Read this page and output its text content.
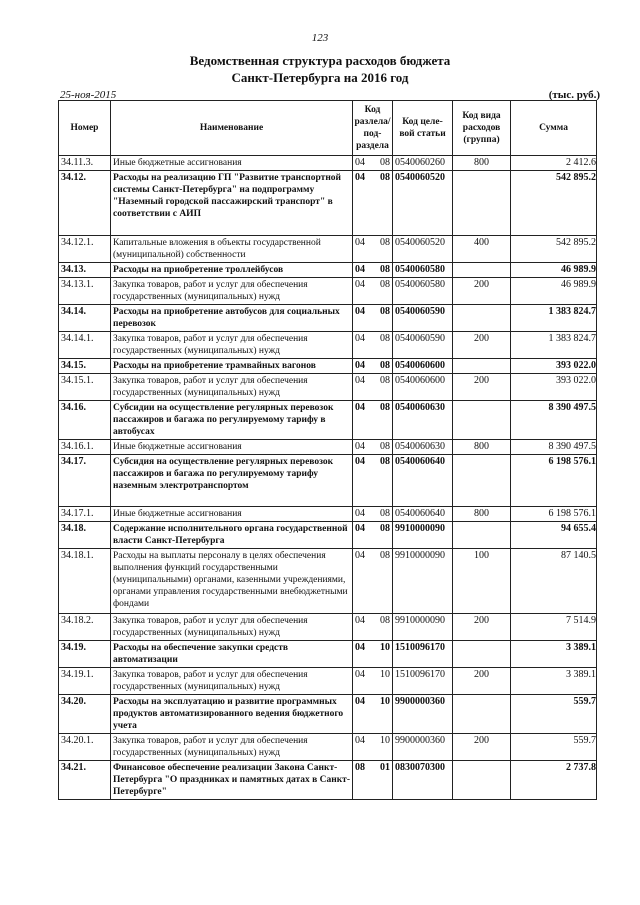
123
Ведомственная структура расходов бюджета
Санкт-Петербурга на 2016 год
25-ноя-2015	(тыс. руб.)
Номер	Наименование	Код разлела/ под- раздела		Код целе- вой статьи	Код вида расходов (группа)	Сумма
34.11.3.	Иные бюджетные ассигнования	04	08	0540060260	800	2 412.6
34.12.	Расходы на реализацию ГП "Развитие транспортной системы Санкт-Петербурга" на подпрограмму "Наземный городской пассажирский транспорт" в соответствии с АИП	04	08	0540060520		542 895.2
34.12.1.	Капитальные вложения в объекты государственной (муниципальной) собственности	04	08	0540060520	400	542 895.2
34.13.	Расходы на приобретение троллейбусов	04	08	0540060580		46 989.9
34.13.1.	Закупка товаров, работ и услуг для обеспечения государственных (муниципальных) нужд	04	08	0540060580	200	46 989.9
34.14.	Расходы на приобретение автобусов для социальных перевозок	04	08	0540060590		1 383 824.7
34.14.1.	Закупка товаров, работ и услуг для обеспечения государственных (муниципальных) нужд	04	08	0540060590	200	1 383 824.7
34.15.	Расходы на приобретение трамвайных вагонов	04	08	0540060600		393 022.0
34.15.1.	Закупка товаров, работ и услуг для обеспечения государственных (муниципальных) нужд	04	08	0540060600	200	393 022.0
34.16.	Субсидии на осуществление регулярных перевозок пассажиров и багажа по регулируемому тарифу в автобусах	04	08	0540060630		8 390 497.5
34.16.1.	Иные бюджетные ассигнования	04	08	0540060630	800	8 390 497.5
34.17.	Субсидия на осуществление регулярных перевозок пассажиров и багажа по регулируемому тарифу наземным электротранспортом	04	08	0540060640		6 198 576.1
34.17.1.	Иные бюджетные ассигнования	04	08	0540060640	800	6 198 576.1
34.18.	Содержание исполнительного органа государственной власти Санкт-Петербурга	04	08	9910000090		94 655.4
34.18.1.	Расходы на выплаты персоналу в целях обеспечения выполнения функций государственными (муниципальными) органами, казенными учреждениями, органами управления государственными внебюджетными фондами	04	08	9910000090	100	87 140.5
34.18.2.	Закупка товаров, работ и услуг для обеспечения государственных (муниципальных) нужд	04	08	9910000090	200	7 514.9
34.19.	Расходы на обеспечение закупки средств автоматизации	04	10	1510096170		3 389.1
34.19.1.	Закупка товаров, работ и услуг для обеспечения государственных (муниципальных) нужд	04	10	1510096170	200	3 389.1
34.20.	Расходы на эксплуатацию и развитие программных продуктов автоматизированного ведения бюджетного учета	04	10	9900000360		559.7
34.20.1.	Закупка товаров, работ и услуг для обеспечения государственных (муниципальных) нужд	04	10	9900000360	200	559.7
34.21.	Финансовое обеспечение реализации Закона Санкт-Петербурга "О праздниках и памятных датах в Санкт-Петербурге"	08	01	0830070300		2 737.8
